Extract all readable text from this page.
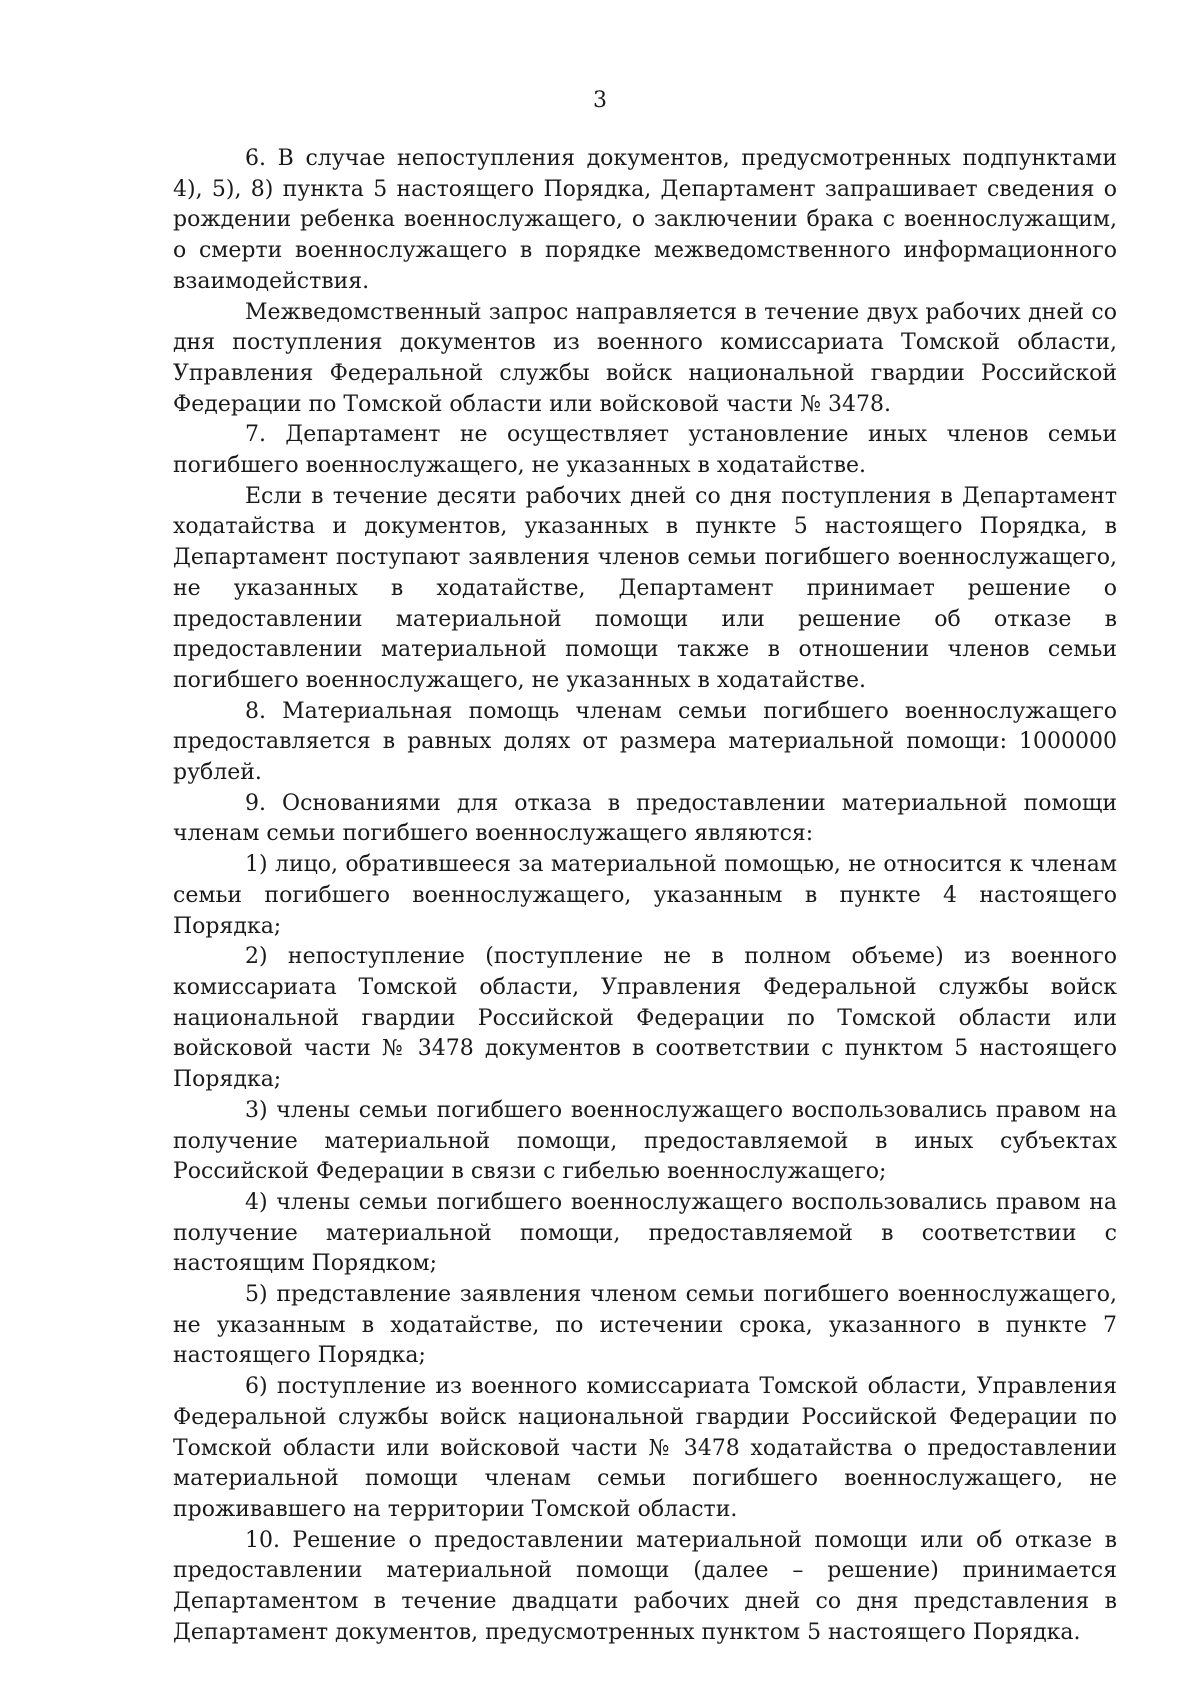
3

6. В случае непоступления документов, предусмотренных подпунктами 4), 5), 8) пункта 5 настоящего Порядка, Департамент запрашивает сведения о рождении ребенка военнослужащего, о заключении брака с военнослужащим, о смерти военнослужащего в порядке межведомственного информационного взаимодействия.

Межведомственный запрос направляется в течение двух рабочих дней со дня поступления документов из военного комиссариата Томской области, Управления Федеральной службы войск национальной гвардии Российской Федерации по Томской области или войсковой части № 3478.

7. Департамент не осуществляет установление иных членов семьи погибшего военнослужащего, не указанных в ходатайстве.

Если в течение десяти рабочих дней со дня поступления в Департамент ходатайства и документов, указанных в пункте 5 настоящего Порядка, в Департамент поступают заявления членов семьи погибшего военнослужащего, не указанных в ходатайстве, Департамент принимает решение о предоставлении материальной помощи или решение об отказе в предоставлении материальной помощи также в отношении членов семьи погибшего военнослужащего, не указанных в ходатайстве.

8. Материальная помощь членам семьи погибшего военнослужащего предоставляется в равных долях от размера материальной помощи: 1000000 рублей.

9. Основаниями для отказа в предоставлении материальной помощи членам семьи погибшего военнослужащего являются:

1) лицо, обратившееся за материальной помощью, не относится к членам семьи погибшего военнослужащего, указанным в пункте 4 настоящего Порядка;

2) непоступление (поступление не в полном объеме) из военного комиссариата Томской области, Управления Федеральной службы войск национальной гвардии Российской Федерации по Томской области или войсковой части № 3478 документов в соответствии с пунктом 5 настоящего Порядка;

3) члены семьи погибшего военнослужащего воспользовались правом на получение материальной помощи, предоставляемой в иных субъектах Российской Федерации в связи с гибелью военнослужащего;

4) члены семьи погибшего военнослужащего воспользовались правом на получение материальной помощи, предоставляемой в соответствии с настоящим Порядком;

5) представление заявления членом семьи погибшего военнослужащего, не указанным в ходатайстве, по истечении срока, указанного в пункте 7 настоящего Порядка;

6) поступление из военного комиссариата Томской области, Управления Федеральной службы войск национальной гвардии Российской Федерации по Томской области или войсковой части № 3478 ходатайства о предоставлении материальной помощи членам семьи погибшего военнослужащего, не проживавшего на территории Томской области.

10. Решение о предоставлении материальной помощи или об отказе в предоставлении материальной помощи (далее – решение) принимается Департаментом в течение двадцати рабочих дней со дня представления в Департамент документов, предусмотренных пунктом 5 настоящего Порядка.
